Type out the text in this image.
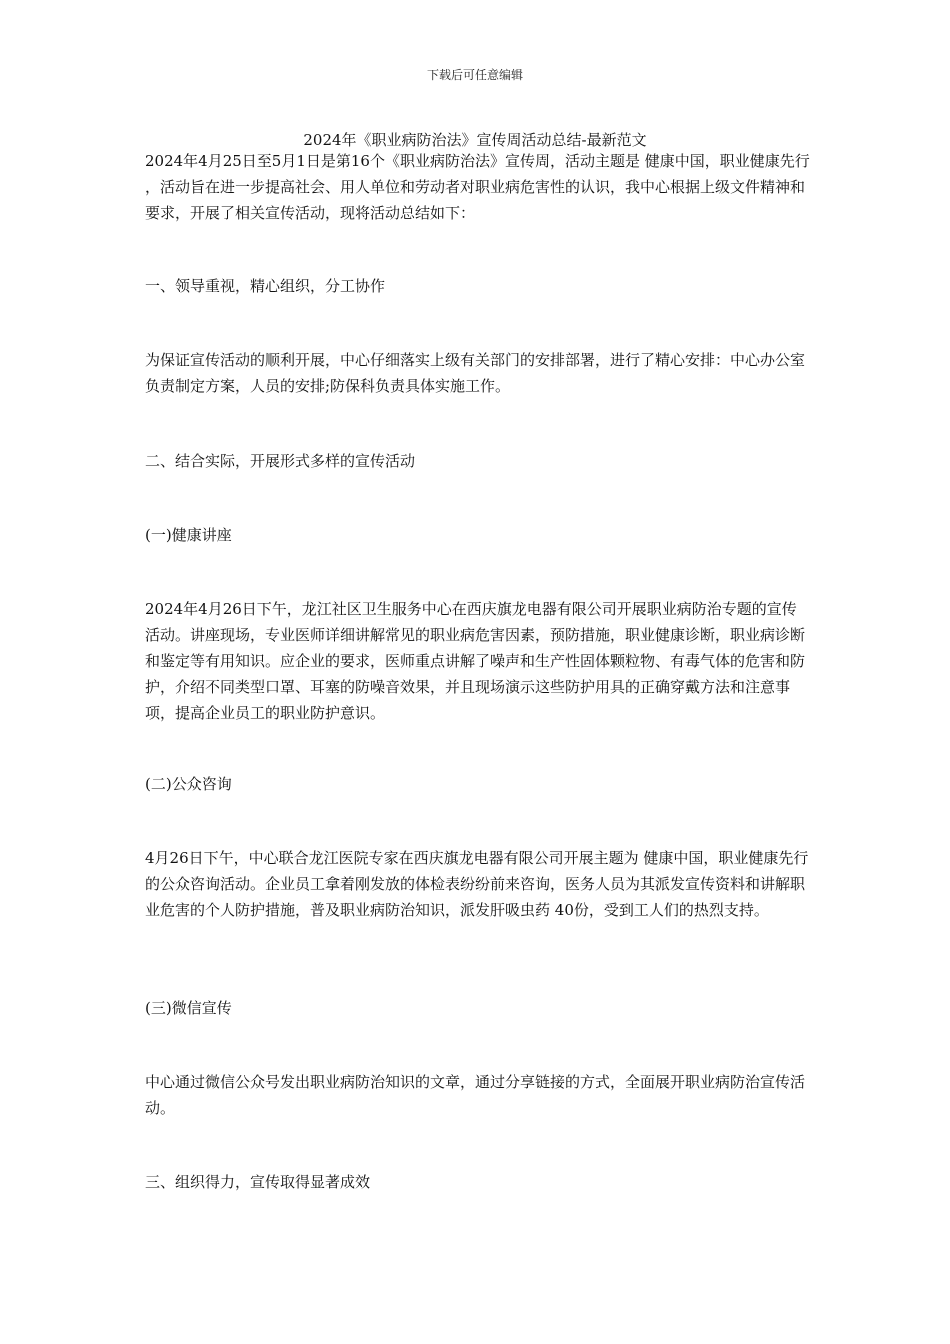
下载后可任意编辑
2024年《职业病防治法》宣传周活动总结-最新范文

2024年4月25日至5月1日是第16个《职业病防治法》宣传周，活动主题是 健康中国，职业健康先行 ，活动旨在进一步提高社会、用人单位和劳动者对职业病危害性的认识，我中心根据上级文件精神和要求，开展了相关宣传活动，现将活动总结如下：

一、领导重视，精心组织，分工协作

为保证宣传活动的顺利开展，中心仔细落实上级有关部门的安排部署，进行了精心安排：中心办公室负责制定方案，人员的安排;防保科负责具体实施工作。

二、结合实际，开展形式多样的宣传活动

(一)健康讲座

2024年4月26日下午，龙江社区卫生服务中心在西庆旗龙电器有限公司开展职业病防治专题的宣传活动。讲座现场，专业医师详细讲解常见的职业病危害因素，预防措施，职业健康诊断，职业病诊断和鉴定等有用知识。应企业的要求，医师重点讲解了噪声和生产性固体颗粒物、有毒气体的危害和防护，介绍不同类型口罩、耳塞的防噪音效果，并且现场演示这些防护用具的正确穿戴方法和注意事项，提高企业员工的职业防护意识。

(二)公众咨询

4月26日下午，中心联合龙江医院专家在西庆旗龙电器有限公司开展主题为 健康中国，职业健康先行 的公众咨询活动。企业员工拿着刚发放的体检表纷纷前来咨询，医务人员为其派发宣传资料和讲解职业危害的个人防护措施，普及职业病防治知识，派发肝吸虫药 40份，受到工人们的热烈支持。

(三)微信宣传

中心通过微信公众号发出职业病防治知识的文章，通过分享链接的方式，全面展开职业病防治宣传活动。

三、组织得力，宣传取得显著成效
